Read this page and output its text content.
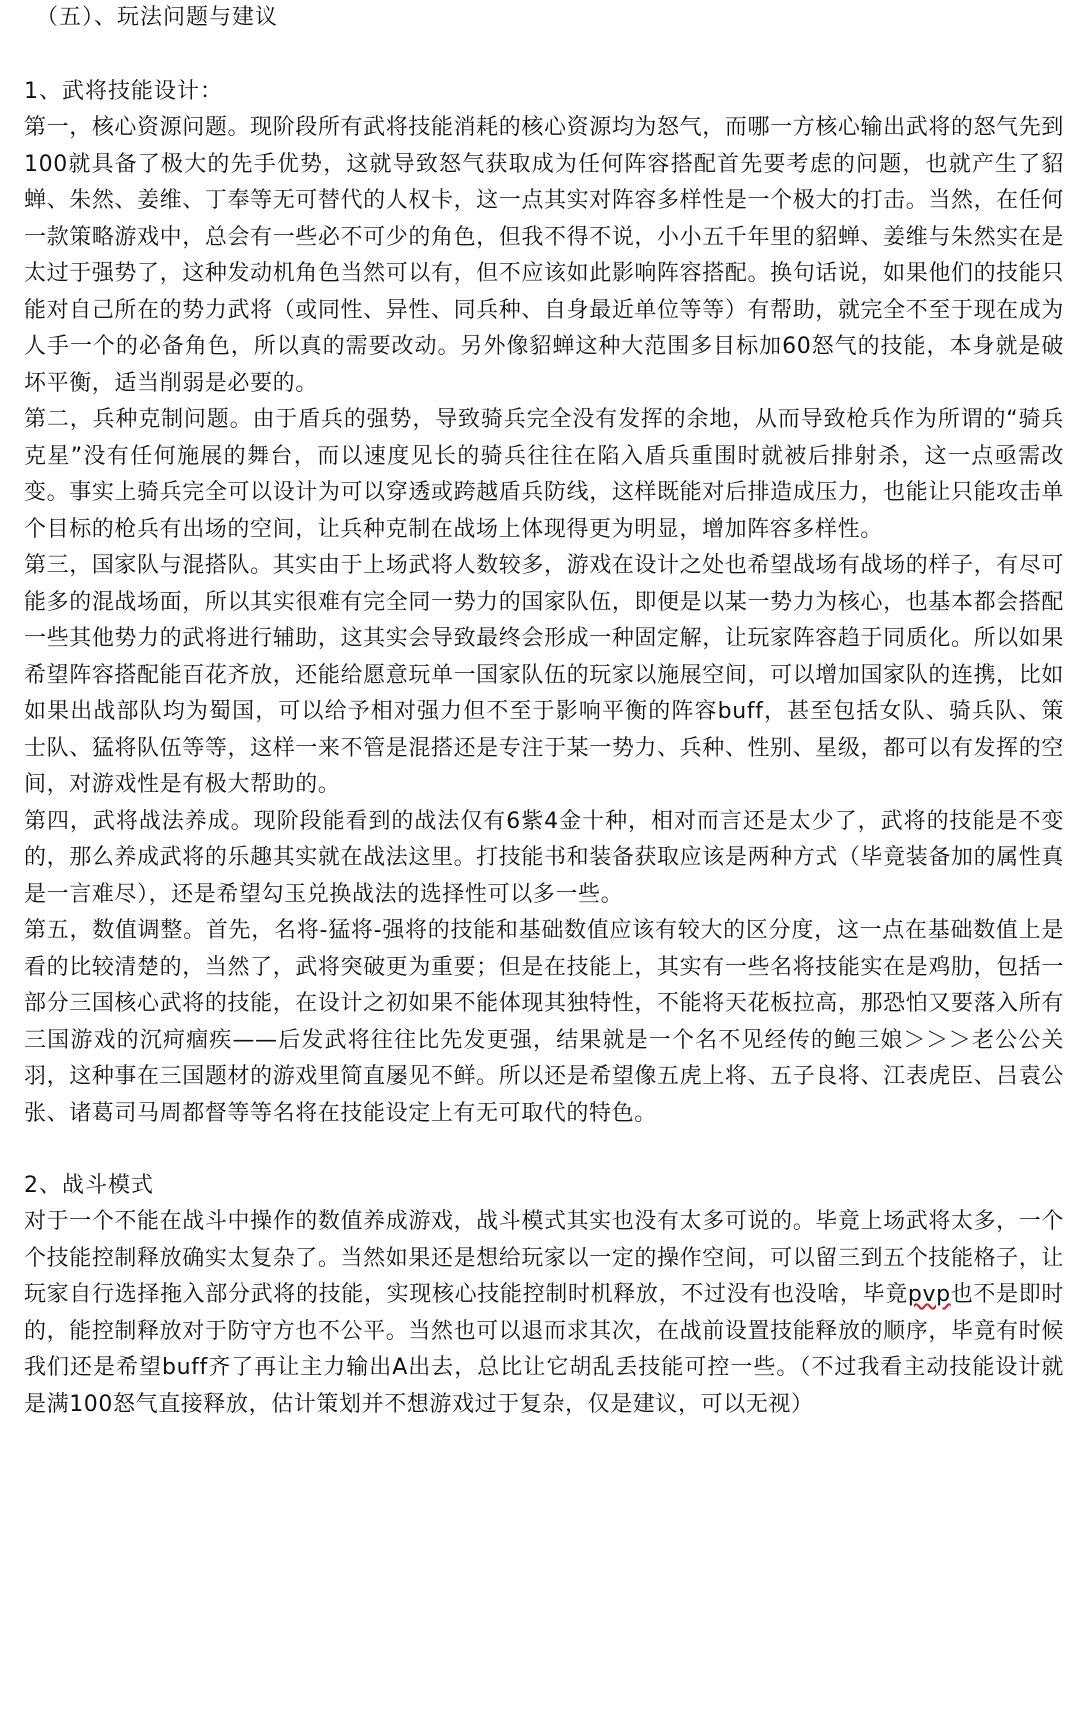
（五）、玩法问题与建议
1、武将技能设计：

第一，核心资源问题。现阶段所有武将技能消耗的核心资源均为怒气，而哪一方核心输出武将的怒气先到100就具备了极大的先手优势，这就导致怒气获取成为任何阵容搭配首先要考虑的问题，也就产生了貂蝉、朱然、姜维、丁奉等无可替代的人权卡，这一点其实对阵容多样性是一个极大的打击。当然，在任何一款策略游戏中，总会有一些必不可少的角色，但我不得不说，小小五千年里的貂蝉、姜维与朱然实在是太过于强势了，这种发动机角色当然可以有，但不应该如此影响阵容搭配。换句话说，如果他们的技能只能对自己所在的势力武将（或同性、异性、同兵种、自身最近单位等等）有帮助，就完全不至于现在成为人手一个的必备角色，所以真的需要改动。另外像貂蝉这种大范围多目标加60怒气的技能，本身就是破坏平衡，适当削弱是必要的。

第二，兵种克制问题。由于盾兵的强势，导致骑兵完全没有发挥的余地，从而导致枪兵作为所谓的“骑兵克星”没有任何施展的舞台，而以速度见长的骑兵往往在陷入盾兵重围时就被后排射杀，这一点亟需改变。事实上骑兵完全可以设计为可以穿透或跨越盾兵防线，这样既能对后排造成压力，也能让只能攻击单个目标的枪兵有出场的空间，让兵种克制在战场上体现得更为明显，增加阵容多样性。

第三，国家队与混搭队。其实由于上场武将人数较多，游戏在设计之处也希望战场有战场的样子，有尽可能多的混战场面，所以其实很难有完全同一势力的国家队伍，即便是以某一势力为核心，也基本都会搭配一些其他势力的武将进行辅助，这其实会导致最终会形成一种固定解，让玩家阵容趋于同质化。所以如果希望阵容搭配能百花齐放，还能给愿意玩单一国家队伍的玩家以施展空间，可以增加国家队的连携，比如如果出战部队均为蜀国，可以给予相对强力但不至于影响平衡的阵容buff，甚至包括女队、骑兵队、策士队、猛将队伍等等，这样一来不管是混搭还是专注于某一势力、兵种、性别、星级，都可以有发挥的空间，对游戏性是有极大帮助的。

第四，武将战法养成。现阶段能看到的战法仅有6紫4金十种，相对而言还是太少了，武将的技能是不变的，那么养成武将的乐趣其实就在战法这里。打技能书和装备获取应该是两种方式（毕竟装备加的属性真是一言难尽），还是希望勾玉兑换战法的选择性可以多一些。

第五，数值调整。首先，名将-猛将-强将的技能和基础数值应该有较大的区分度，这一点在基础数值上是看的比较清楚的，当然了，武将突破更为重要；但是在技能上，其实有一些名将技能实在是鸡肋，包括一部分三国核心武将的技能，在设计之初如果不能体现其独特性，不能将天花板拉高，那恐怕又要落入所有三国游戏的沉疴痼疾——后发武将往往比先发更强，结果就是一个名不见经传的鲍三娘＞＞＞老公公关羽，这种事在三国题材的游戏里简直屡见不鲜。所以还是希望像五虎上将、五子良将、江表虎臣、吕袁公张、诸葛司马周都督等等名将在技能设定上有无可取代的特色。

2、战斗模式

对于一个不能在战斗中操作的数值养成游戏，战斗模式其实也没有太多可说的。毕竟上场武将太多，一个个技能控制释放确实太复杂了。当然如果还是想给玩家以一定的操作空间，可以留三到五个技能格子，让玩家自行选择拖入部分武将的技能，实现核心技能控制时机释放，不过没有也没啥，毕竟pvp也不是即时的，能控制释放对于防守方也不公平。当然也可以退而求其次，在战前设置技能释放的顺序，毕竟有时候我们还是希望buff齐了再让主力输出A出去，总比让它胡乱丢技能可控一些。（不过我看主动技能设计就是满100怒气直接释放，估计策划并不想游戏过于复杂，仅是建议，可以无视）
